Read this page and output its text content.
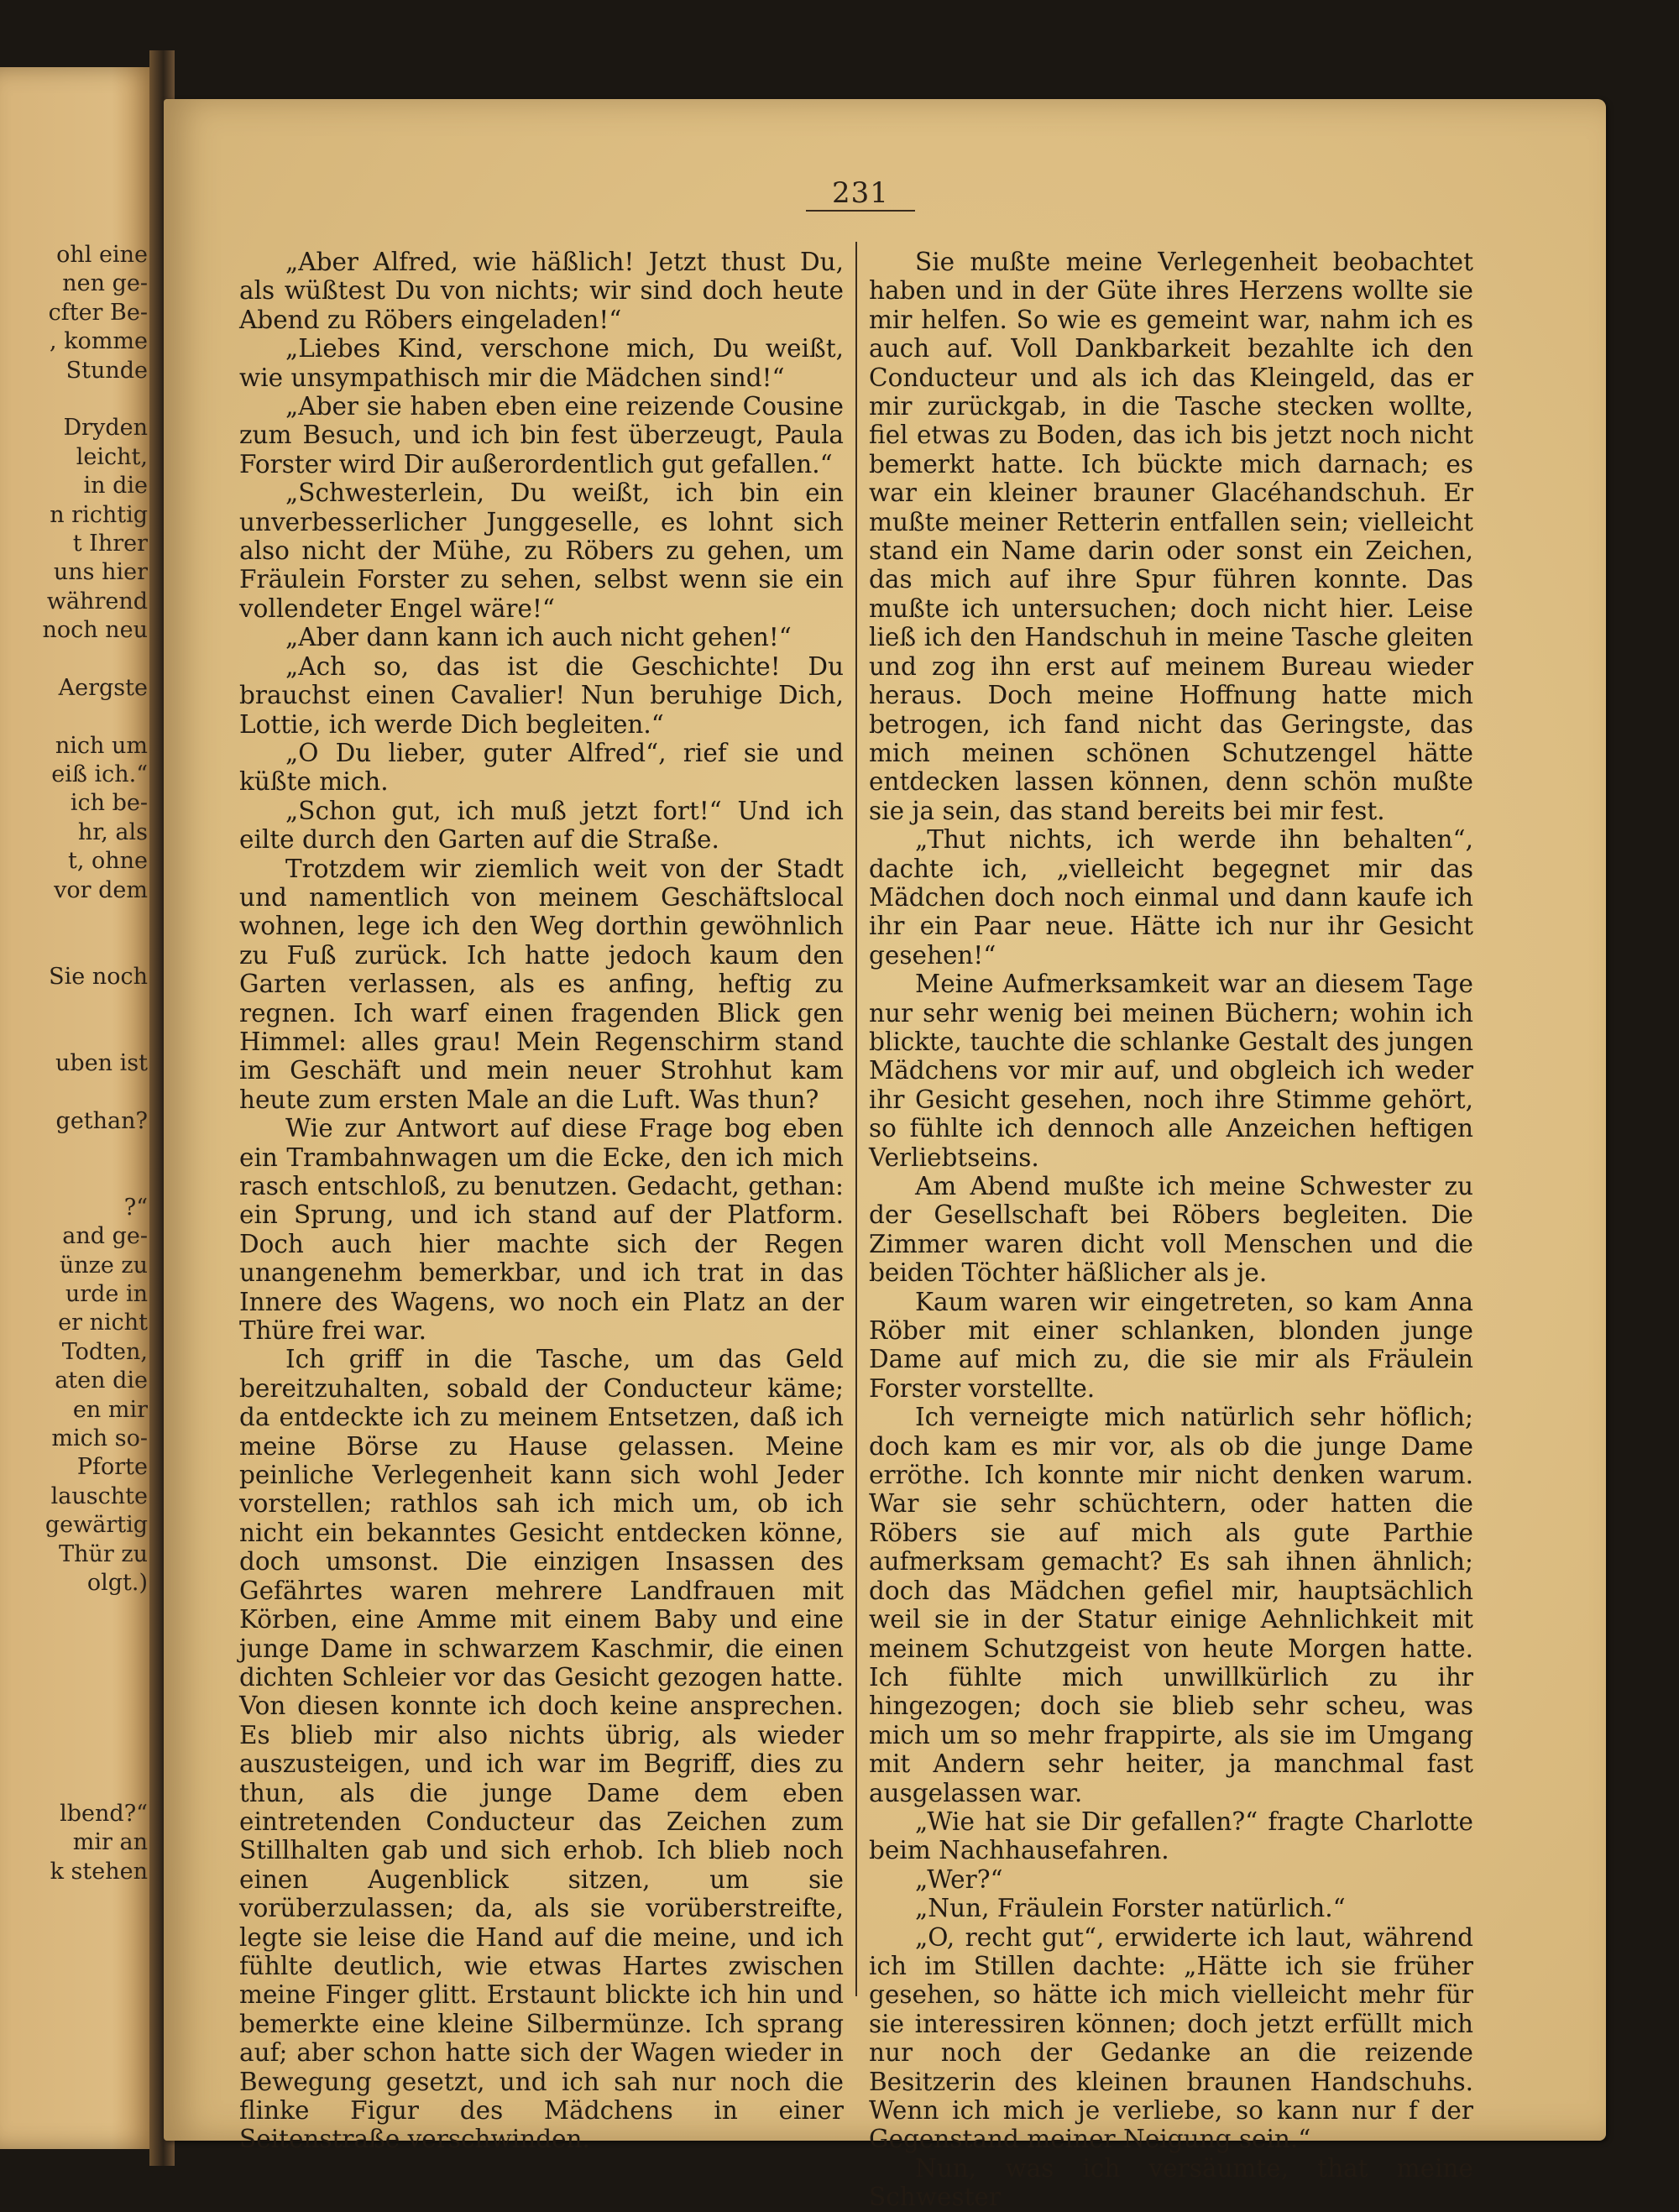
ohl eine
nen ge-
cfter Be-
, komme
Stunde
Dryden
leicht,
in die
n richtig
t Ihrer
uns hier
während
noch neu
Aergste
nich um
eiß ich.“
ich be-
hr, als
t, ohne
vor dem
Sie noch
uben ist
gethan?
?“
and ge-
ünze zu
urde in
er nicht
Todten,
aten die
en mir
mich so-
Pforte
lauschte
gewärtig
Thür zu
olgt.)
lbend?“
mir an
k stehen
231

„Aber Alfred, wie häßlich! Jetzt thust Du, als wüßtest Du von nichts; wir sind doch heute Abend zu Röbers eingeladen!“

„Liebes Kind, verschone mich, Du weißt, wie unsympathisch mir die Mädchen sind!“

„Aber sie haben eben eine reizende Cousine zum Besuch, und ich bin fest überzeugt, Paula Forster wird Dir außerordentlich gut gefallen.“

„Schwesterlein, Du weißt, ich bin ein unverbesserlicher Junggeselle, es lohnt sich also nicht der Mühe, zu Röbers zu gehen, um Fräulein Forster zu sehen, selbst wenn sie ein vollendeter Engel wäre!“

„Aber dann kann ich auch nicht gehen!“

„Ach so, das ist die Geschichte! Du brauchst einen Cavalier! Nun beruhige Dich, Lottie, ich werde Dich begleiten.“

„O Du lieber, guter Alfred“, rief sie und küßte mich.

„Schon gut, ich muß jetzt fort!“ Und ich eilte durch den Garten auf die Straße.

Trotzdem wir ziemlich weit von der Stadt und namentlich von meinem Geschäftslocal wohnen, lege ich den Weg dorthin gewöhnlich zu Fuß zurück. Ich hatte jedoch kaum den Garten verlassen, als es anfing, heftig zu regnen. Ich warf einen fragenden Blick gen Himmel: alles grau! Mein Regenschirm stand im Geschäft und mein neuer Strohhut kam heute zum ersten Male an die Luft. Was thun?

Wie zur Antwort auf diese Frage bog eben ein Trambahnwagen um die Ecke, den ich mich rasch entschloß, zu benutzen. Gedacht, gethan: ein Sprung, und ich stand auf der Platform. Doch auch hier machte sich der Regen unangenehm bemerkbar, und ich trat in das Innere des Wagens, wo noch ein Platz an der Thüre frei war.

Ich griff in die Tasche, um das Geld bereitzuhalten, sobald der Conducteur käme; da entdeckte ich zu meinem Entsetzen, daß ich meine Börse zu Hause gelassen. Meine peinliche Verlegenheit kann sich wohl Jeder vorstellen; rathlos sah ich mich um, ob ich nicht ein bekanntes Gesicht entdecken könne, doch umsonst. Die einzigen Insassen des Gefährtes waren mehrere Landfrauen mit Körben, eine Amme mit einem Baby und eine junge Dame in schwarzem Kaschmir, die einen dichten Schleier vor das Gesicht gezogen hatte. Von diesen konnte ich doch keine ansprechen. Es blieb mir also nichts übrig, als wieder auszusteigen, und ich war im Begriff, dies zu thun, als die junge Dame dem eben eintretenden Conducteur das Zeichen zum Stillhalten gab und sich erhob. Ich blieb noch einen Augenblick sitzen, um sie vorüberzulassen; da, als sie vorüberstreifte, legte sie leise die Hand auf die meine, und ich fühlte deutlich, wie etwas Hartes zwischen meine Finger glitt. Erstaunt blickte ich hin und bemerkte eine kleine Silbermünze. Ich sprang auf; aber schon hatte sich der Wagen wieder in Bewegung gesetzt, und ich sah nur noch die flinke Figur des Mädchens in einer Seitenstraße verschwinden.

Sie mußte meine Verlegenheit beobachtet haben und in der Güte ihres Herzens wollte sie mir helfen. So wie es gemeint war, nahm ich es auch auf. Voll Dankbarkeit bezahlte ich den Conducteur und als ich das Kleingeld, das er mir zurückgab, in die Tasche stecken wollte, fiel etwas zu Boden, das ich bis jetzt noch nicht bemerkt hatte. Ich bückte mich darnach; es war ein kleiner brauner Glacéhandschuh. Er mußte meiner Retterin entfallen sein; vielleicht stand ein Name darin oder sonst ein Zeichen, das mich auf ihre Spur führen konnte. Das mußte ich untersuchen; doch nicht hier. Leise ließ ich den Handschuh in meine Tasche gleiten und zog ihn erst auf meinem Bureau wieder heraus. Doch meine Hoffnung hatte mich betrogen, ich fand nicht das Geringste, das mich meinen schönen Schutzengel hätte entdecken lassen können, denn schön mußte sie ja sein, das stand bereits bei mir fest.

„Thut nichts, ich werde ihn behalten“, dachte ich, „vielleicht begegnet mir das Mädchen doch noch einmal und dann kaufe ich ihr ein Paar neue. Hätte ich nur ihr Gesicht gesehen!“

Meine Aufmerksamkeit war an diesem Tage nur sehr wenig bei meinen Büchern; wohin ich blickte, tauchte die schlanke Gestalt des jungen Mädchens vor mir auf, und obgleich ich weder ihr Gesicht gesehen, noch ihre Stimme gehört, so fühlte ich dennoch alle Anzeichen heftigen Verliebtseins.

Am Abend mußte ich meine Schwester zu der Gesellschaft bei Röbers begleiten. Die Zimmer waren dicht voll Menschen und die beiden Töchter häßlicher als je.

Kaum waren wir eingetreten, so kam Anna Röber mit einer schlanken, blonden junge Dame auf mich zu, die sie mir als Fräulein Forster vorstellte.

Ich verneigte mich natürlich sehr höflich; doch kam es mir vor, als ob die junge Dame erröthe. Ich konnte mir nicht denken warum. War sie sehr schüchtern, oder hatten die Röbers sie auf mich als gute Parthie aufmerksam gemacht? Es sah ihnen ähnlich; doch das Mädchen gefiel mir, hauptsächlich weil sie in der Statur einige Aehnlichkeit mit meinem Schutzgeist von heute Morgen hatte. Ich fühlte mich unwillkürlich zu ihr hingezogen; doch sie blieb sehr scheu, was mich um so mehr frappirte, als sie im Umgang mit Andern sehr heiter, ja manchmal fast ausgelassen war.

„Wie hat sie Dir gefallen?“ fragte Charlotte beim Nachhausefahren.

„Wer?“

„Nun, Fräulein Forster natürlich.“

„O, recht gut“, erwiderte ich laut, während ich im Stillen dachte: „Hätte ich sie früher gesehen, so hätte ich mich vielleicht mehr für sie interessiren können; doch jetzt erfüllt mich nur noch der Gedanke an die reizende Besitzerin des kleinen braunen Handschuhs. Wenn ich mich je verliebe, so kann nur f der Gegenstand meiner Neigung sein.“

Nun, was ich versäumte, that meine Schwester
